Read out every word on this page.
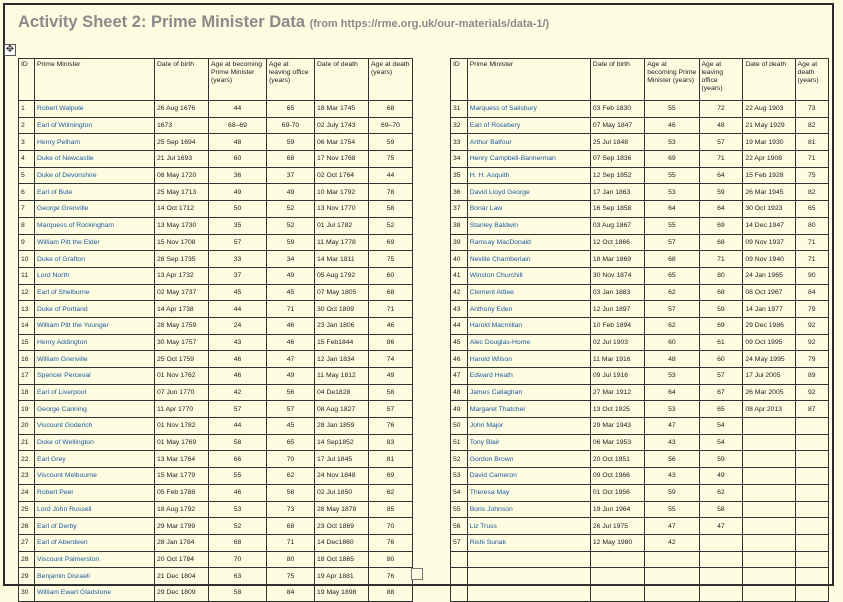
Activity Sheet 2: Prime Minister Data (from https://rme.org.uk/our-materials/data-1/)
✥
ID	Prime Minister	Date of birth	Age at becoming Prime Minister (years)	Age at leaving office (years)	Date of death	Age at death (years)
1	Robert Walpole	26 Aug 1676	44	65	18 Mar 1745	68
2	Earl of Wilmington	1673	68–69	69-70	02 July 1743	69–70
3	Henry Pelham	25 Sep 1694	48	59	06 Mar 1754	59
4	Duke of Newcastle	21 Jul 1693	60	68	17 Nov 1768	75
5	Duke of Devonshire	08 May 1720	36	37	02 Oct 1764	44
6	Earl of Bute	25 May 1713	49	49	10 Mar 1792	78
7	George Grenville	14 Oct 1712	50	52	13 Nov 1770	58
8	Marquess of Rockingham	13 May 1730	35	52	01 Jul 1782	52
9	William Pitt the Elder	15 Nov 1708	57	59	11 May 1778	69
10	Duke of Grafton	28 Sep 1735	33	34	14 Mar 1811	75
11	Lord North	13 Apr 1732	37	49	05 Aug 1792	60
12	Earl of Shelburne	02 May 1737	45	45	07 May 1805	68
13	Duke of Portland	14 Apr 1738	44	71	30 Oct 1809	71
14	William Pitt the Younger	28 May 1759	24	46	23 Jan 1806	46
15	Henry Addington	30 May 1757	43	46	15 Feb1844	86
16	William Grenville	25 Oct 1759	46	47	12 Jan 1834	74
17	Spencer Perceval	01 Nov 1762	46	49	11 May 1812	49
18	Earl of Liverpool	07 Jun 1770	42	56	04 De1828	58
19	George Canning	11 Apr 1770	57	57	08 Aug 1827	57
20	Viscount Goderich	01 Nov 1782	44	45	28 Jan 1859	76
21	Duke of Wellington	01 May 1769	58	65	14 Sep1852	83
22	Earl Grey	13 Mar 1764	66	70	17 Jul 1845	81
23	Viscount Melbourne	15 Mar 1779	55	62	24 Nov 1848	69
24	Robert Peel	05 Feb 1788	46	58	02 Jul 1850	62
25	Lord John Russell	18 Aug 1792	53	73	28 May 1878	85
26	Earl of Derby	29 Mar 1799	52	68	23 Oct 1869	70
27	Earl of Aberdeen	28 Jan 1784	68	71	14 Dec1860	76
28	Viscount Palmerston	20 Oct 1784	70	80	18 Oct 1865	80
29	Benjamin Disraeli	21 Dec 1804	63	75	19 Apr 1881	76
30	William Ewart Gladstone	29 Dec 1809	58	84	19 May 1898	88
ID	Prime Minister	Date of birth	Age at becoming Prime Minister (years)	Age at leaving office (years)	Date of death	Age at death (years)
31	Marquess of Salisbury	03 Feb 1830	55	72	22 Aug 1903	73
32	Earl of Rosebery	07 May 1847	46	48	21 May 1929	82
33	Arthur Balfour	25 Jul 1848	53	57	19 Mar 1930	81
34	Henry Campbell-Bannerman	07 Sep 1836	69	71	22 Apr 1908	71
35	H. H. Asquith	12 Sep 1852	55	64	15 Feb 1928	75
36	David Lloyd George	17 Jan 1863	53	59	26 Mar 1945	82
37	Bonar Law	16 Sep 1858	64	64	30 Oct 1923	65
38	Stanley Baldwin	03 Aug 1867	55	69	14 Dec 1947	80
39	Ramsay MacDonald	12 Oct 1866	57	68	09 Nov 1937	71
40	Neville Chamberlain	18 Mar 1869	68	71	09 Nov 1940	71
41	Winston Churchill	30 Nov 1874	65	80	24 Jan 1965	90
42	Clement Attlee	03 Jan 1883	62	68	08 Oct 1967	84
43	Anthony Eden	12 Jun 1897	57	59	14 Jan 1977	79
44	Harold Macmillan	10 Feb 1894	62	69	29 Dec 1986	92
45	Alec Douglas-Home	02 Jul 1903	60	61	09 Oct 1995	92
46	Harold Wilson	11 Mar 1916	48	60	24 May 1995	79
47	Edward Heath	09 Jul 1916	53	57	17 Jul 2005	89
48	James Callaghan	27 Mar 1912	64	67	26 Mar 2005	92
49	Margaret Thatcher	13 Oct 1925	53	65	08 Apr 2013	87
50	John Major	29 Mar 1943	47	54		
51	Tony Blair	06 Mar 1953	43	54		
52	Gordon Brown	20 Oct 1951	56	59		
53	David Cameron	09 Oct 1966	43	49		
54	Theresa May	01 Oct 1956	59	62		
55	Boris Johnson	19 Jun 1964	55	58		
56	Liz Truss	26 Jul 1975	47	47		
57	Rishi Sunak	12 May 1980	42			
